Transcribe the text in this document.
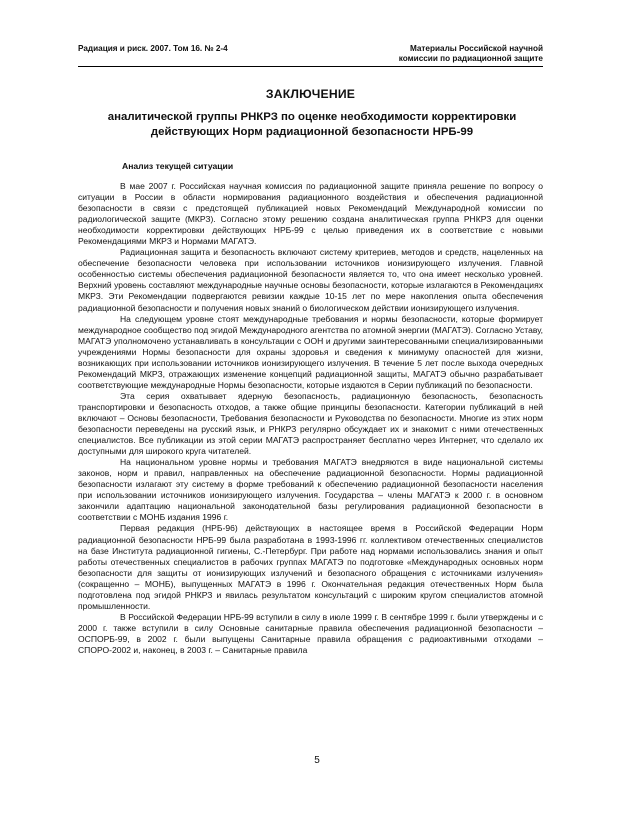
Радиация и риск. 2007. Том 16. № 2-4	Материалы Российской научной
комиссии по радиационной защите
ЗАКЛЮЧЕНИЕ
аналитической группы РНКРЗ по оценке необходимости корректировки
действующих Норм радиационной безопасности НРБ-99
Анализ текущей ситуации

В мае 2007 г. Российская научная комиссия по радиационной защите приняла решение по вопросу о ситуации в России в области нормирования радиационного воздействия и обеспечения радиационной безопасности в связи с предстоящей публикацией новых Рекомендаций Международной комиссии по радиологической защите (МКРЗ). Согласно этому решению создана аналитическая группа РНКРЗ для оценки необходимости корректировки действующих НРБ-99 с целью приведения их в соответствие с новыми Рекомендациями МКРЗ и Нормами МАГАТЭ.

Радиационная защита и безопасность включают систему критериев, методов и средств, нацеленных на обеспечение безопасности человека при использовании источников ионизирующего излучения. Главной особенностью системы обеспечения радиационной безопасности является то, что она имеет несколько уровней. Верхний уровень составляют международные научные основы безопасности, которые излагаются в Рекомендациях МКРЗ. Эти Рекомендации подвергаются ревизии каждые 10-15 лет по мере накопления опыта обеспечения радиационной безопасности и получения новых знаний о биологическом действии ионизирующего излучения.

На следующем уровне стоят международные требования и нормы безопасности, которые формирует международное сообщество под эгидой Международного агентства по атомной энергии (МАГАТЭ). Согласно Уставу, МАГАТЭ уполномочено устанавливать в консультации с ООН и другими заинтересованными специализированными учреждениями Нормы безопасности для охраны здоровья и сведения к минимуму опасностей для жизни, возникающих при использовании источников ионизирующего излучения. В течение 5 лет после выхода очередных Рекомендаций МКРЗ, отражающих изменение концепций радиационной защиты, МАГАТЭ обычно разрабатывает соответствующие международные Нормы безопасности, которые издаются в Серии публикаций по безопасности.

Эта серия охватывает ядерную безопасность, радиационную безопасность, безопасность транспортировки и безопасность отходов, а также общие принципы безопасности. Категории публикаций в ней включают – Основы безопасности, Требования безопасности и Руководства по безопасности. Многие из этих норм безопасности переведены на русский язык, и РНКРЗ регулярно обсуждает их и знакомит с ними отечественных специалистов. Все публикации из этой серии МАГАТЭ распространяет бесплатно через Интернет, что сделало их доступными для широкого круга читателей.

На национальном уровне нормы и требования МАГАТЭ внедряются в виде национальной системы законов, норм и правил, направленных на обеспечение радиационной безопасности. Нормы радиационной безопасности излагают эту систему в форме требований к обеспечению радиационной безопасности населения при использовании источников ионизирующего излучения. Государства – члены МАГАТЭ к 2000 г. в основном закончили адаптацию национальной законодательной базы регулирования радиационной безопасности в соответствии с МОНБ издания 1996 г.

Первая редакция (НРБ-96) действующих в настоящее время в Российской Федерации Норм радиационной безопасности НРБ-99 была разработана в 1993-1996 гг. коллективом отечественных специалистов на базе Института радиационной гигиены, С.-Петербург. При работе над нормами использовались знания и опыт работы отечественных специалистов в рабочих группах МАГАТЭ по подготовке «Международных основных норм безопасности для защиты от ионизирующих излучений и безопасного обращения с источниками излучения» (сокращенно – МОНБ), выпущенных МАГАТЭ в 1996 г. Окончательная редакция отечественных Норм была подготовлена под эгидой РНКРЗ и явилась результатом консультаций с широким кругом специалистов атомной промышленности.

В Российской Федерации НРБ-99 вступили в силу в июле 1999 г. В сентябре 1999 г. были утверждены и с 2000 г. также вступили в силу Основные санитарные правила обеспечения радиационной безопасности – ОСПОРБ-99, в 2002 г. были выпущены Санитарные правила обращения с радиоактивными отходами – СПОРО-2002 и, наконец, в 2003 г. – Санитарные правила

5
